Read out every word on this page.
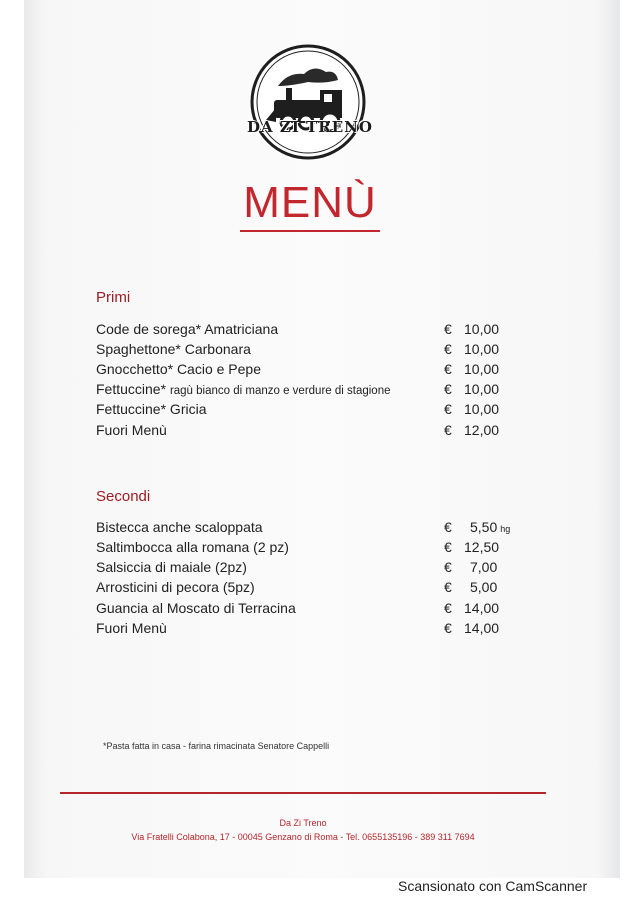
DA ZI TRENO
MENÙ
Primi
Code de sorega* Amatriciana	€ 10,00
Spaghettone* Carbonara	€ 10,00
Gnocchetto* Cacio e Pepe	€ 10,00
Fettuccine* ragù bianco di manzo e verdure di stagione	€ 10,00
Fettuccine* Gricia	€ 10,00
Fuori Menù	€ 12,00
Secondi
Bistecca anche scaloppata	€ 5,50 hg
Saltimbocca alla romana (2 pz)	€ 12,50
Salsiccia di maiale (2pz)	€ 7,00
Arrosticini di pecora (5pz)	€ 5,00
Guancia al Moscato di Terracina	€ 14,00
Fuori Menù	€ 14,00
*Pasta fatta in casa - farina rimacinata Senatore Cappelli
Da Zi Treno
Via Fratelli Colabona, 17 - 00045 Genzano di Roma - Tel. 0655135196 - 389 311 7694
Scansionato con CamScanner
